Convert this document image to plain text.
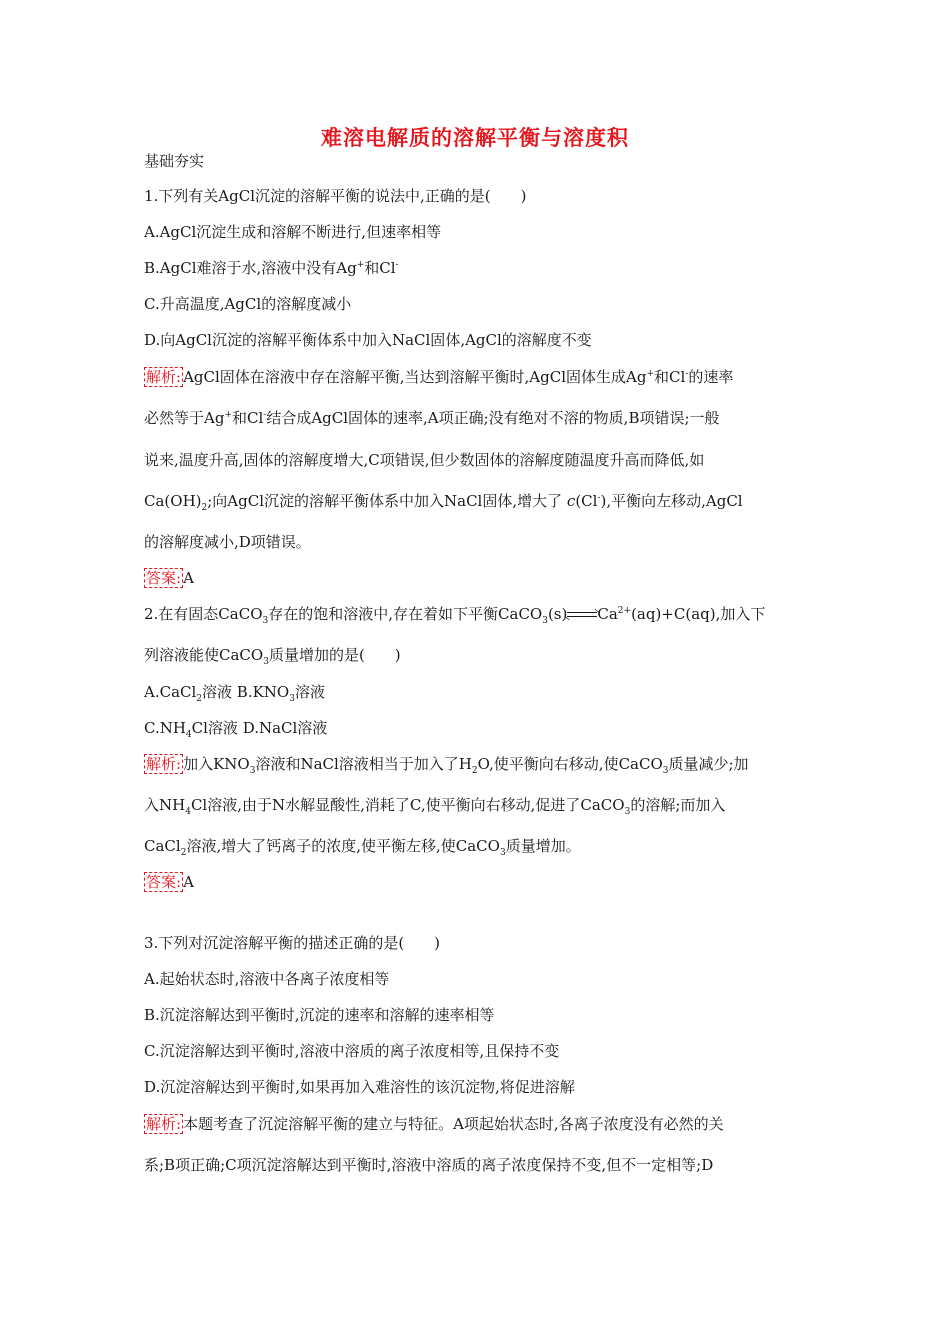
难溶电解质的溶解平衡与溶度积
基础夯实
1.下列有关AgCl沉淀的溶解平衡的说法中,正确的是(　　)
A.AgCl沉淀生成和溶解不断进行,但速率相等
B.AgCl难溶于水,溶液中没有Ag+和Cl-
C.升高温度,AgCl的溶解度减小
D.向AgCl沉淀的溶解平衡体系中加入NaCl固体,AgCl的溶解度不变
解析: AgCl固体在溶液中存在溶解平衡,当达到溶解平衡时,AgCl固体生成Ag+和Cl-的速率
必然等于Ag+和Cl-结合成AgCl固体的速率,A项正确;没有绝对不溶的物质,B项错误;一般
说来,温度升高,固体的溶解度增大,C项错误,但少数固体的溶解度随温度升高而降低,如
$Ca(OH)_2$;向AgCl沉淀的溶解平衡体系中加入NaCl固体,增大了 c(Cl-),平衡向左移动,AgCl
的溶解度减小,D项错误。
答案: A
2.在有固态CaCO$_3$存在的饱和溶液中,存在着如下平衡CaCO$_3$(s) $Ca^{2+}(aq)+C(aq)$,加入下
列溶液能使CaCO$_3$质量增加的是(　　)
A.CaCl$_2$溶液 $B.KNO_3$溶液
$C.NH_4Cl$溶液 D.NaCl溶液
解析: 加入$KNO_3$溶液和NaCl溶液相当于加入了$H_2O$,使平衡向右移动,使CaCO$_3$质量减少;加
入$NH_4Cl$溶液,由于N水解显酸性,消耗了C,使平衡向右移动,促进了CaCO$_3$的溶解;而加入
CaCl$_2$溶液,增大了钙离子的浓度,使平衡左移,使CaCO$_3$质量增加。
答案: A
3.下列对沉淀溶解平衡的描述正确的是(　　)
A.起始状态时,溶液中各离子浓度相等
B.沉淀溶解达到平衡时,沉淀的速率和溶解的速率相等
C.沉淀溶解达到平衡时,溶液中溶质的离子浓度相等,且保持不变
D.沉淀溶解达到平衡时,如果再加入难溶性的该沉淀物,将促进溶解
解析: 本题考查了沉淀溶解平衡的建立与特征。A项起始状态时,各离子浓度没有必然的关
系;B项正确;C项沉淀溶解达到平衡时,溶液中溶质的离子浓度保持不变,但不一定相等;D
